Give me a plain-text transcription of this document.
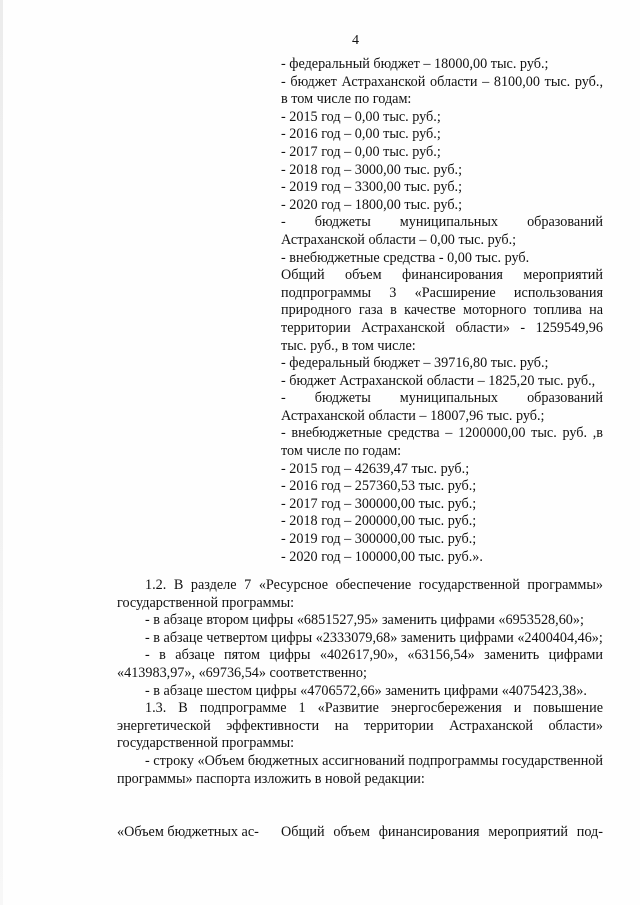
4

- федеральный бюджет – 18000,00 тыс. руб.;

- бюджет Астраханской области – 8100,00 тыс. руб., в том числе по годам:

- 2015 год – 0,00 тыс. руб.;

- 2016 год – 0,00 тыс. руб.;

- 2017 год – 0,00 тыс. руб.;

- 2018 год – 3000,00 тыс. руб.;

- 2019 год – 3300,00 тыс. руб.;

- 2020 год – 1800,00 тыс. руб.;

- бюджеты муниципальных образований Астраханской области – 0,00 тыс. руб.;

- внебюджетные средства - 0,00 тыс. руб.

Общий объем финансирования мероприятий подпрограммы 3 «Расширение использования природного газа в качестве моторного топлива на территории Астраханской области» - 1259549,96 тыс. руб., в том числе:

- федеральный бюджет – 39716,80 тыс. руб.;

- бюджет Астраханской области – 1825,20 тыс. руб.,

- бюджеты муниципальных образований Астраханской области – 18007,96 тыс. руб.;

- внебюджетные средства – 1200000,00 тыс. руб. ,в том числе по годам:

- 2015 год – 42639,47 тыс. руб.;

- 2016 год – 257360,53 тыс. руб.;

- 2017 год – 300000,00 тыс. руб.;

- 2018 год – 200000,00 тыс. руб.;

- 2019 год – 300000,00 тыс. руб.;

- 2020 год – 100000,00 тыс. руб.».

1.2. В разделе 7 «Ресурсное обеспечение государственной программы» государственной программы:

- в абзаце втором цифры «6851527,95» заменить цифрами «6953528,60»;

- в абзаце четвертом цифры «2333079,68» заменить цифрами «2400404,46»;

- в абзаце пятом цифры «402617,90», «63156,54» заменить цифрами «413983,97», «69736,54» соответственно;

- в абзаце шестом цифры «4706572,66» заменить цифрами «4075423,38».

1.3. В подпрограмме 1 «Развитие энергосбережения и повышение энергетической эффективности на территории Астраханской области» государственной программы:

- строку «Объем бюджетных ассигнований подпрограммы государственной программы» паспорта изложить в новой редакции:

«Объем бюджетных ас-	Общий объем финансирования мероприятий под-
